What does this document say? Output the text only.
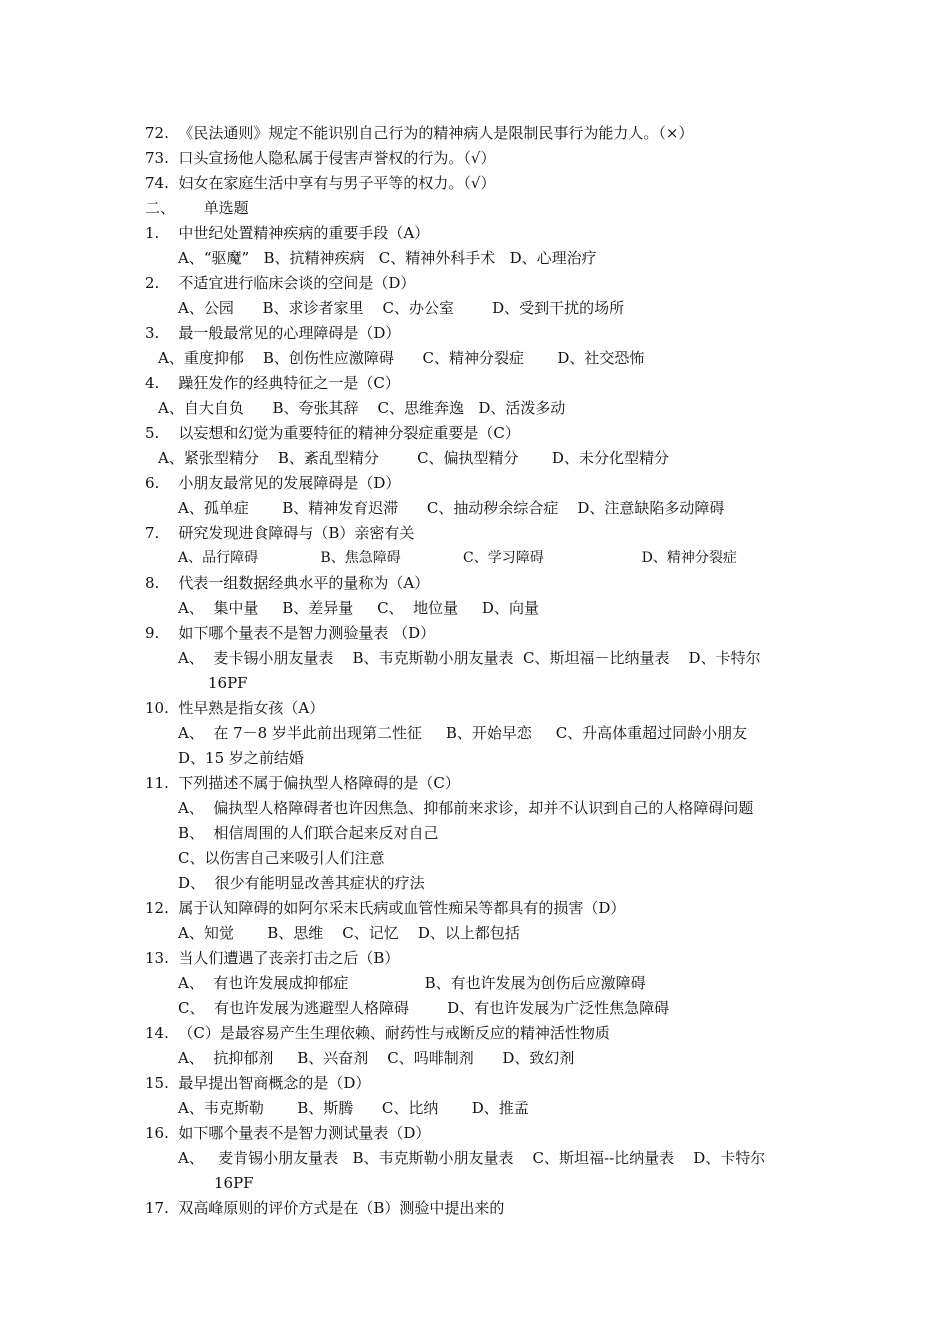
72.  《民法通则》规定不能识别自己行为的精神病人是限制民事行为能力人。（×）
73.  口头宣扬他人隐私属于侵害声誉权的行为。（√）
74.  妇女在家庭生活中享有与男子平等的权力。（√）
二、      单选题
1.    中世纪处置精神疾病的重要手段（A）
A、“驱魔”   B、抗精神疾病   C、精神外科手术   D、心理治疗
2.    不适宜进行临床会谈的空间是（D）
A、公园      B、求诊者家里    C、办公室        D、受到干扰的场所
3.    最一般最常见的心理障碍是（D）
A、重度抑郁    B、创伤性应激障碍      C、精神分裂症       D、社交恐怖
4.    躁狂发作的经典特征之一是（C）
A、自大自负      B、夸张其辞    C、思维奔逸   D、活泼多动
5.    以妄想和幻觉为重要特征的精神分裂症重要是（C）
A、紧张型精分    B、紊乱型精分        C、偏执型精分       D、未分化型精分
6.    小朋友最常见的发展障碍是（D）
A、孤单症       B、精神发育迟滞      C、抽动秽余综合症    D、注意缺陷多动障碍
7.    研究发现进食障碍与（B）亲密有关
A、品行障碍              B、焦急障碍              C、学习障碍                      D、精神分裂症
8.    代表一组数据经典水平的量称为（A）
A、  集中量     B、差异量     C、  地位量     D、向量
9.    如下哪个量表不是智力测验量表 （D）
A、  麦卡锡小朋友量表    B、韦克斯勒小朋友量表  C、斯坦福－比纳量表    D、卡特尔
16PF
10.  性早熟是指女孩（A）
A、  在 7－8 岁半此前出现第二性征     B、开始早恋     C、升高体重超过同龄小朋友
D、15 岁之前结婚
11.  下列描述不属于偏执型人格障碍的是（C）
A、  偏执型人格障碍者也许因焦急、抑郁前来求诊，却并不认识到自己的人格障碍问题
B、  相信周围的人们联合起来反对自己
C、以伤害自己来吸引人们注意
D、  很少有能明显改善其症状的疗法
12.  属于认知障碍的如阿尔采末氏病或血管性痴呆等都具有的损害（D）
A、知觉       B、思维    C、记忆    D、以上都包括
13.  当人们遭遇了丧亲打击之后（B）
A、  有也许发展成抑郁症                B、有也许发展为创伤后应激障碍
C、  有也许发展为逃避型人格障碍        D、有也许发展为广泛性焦急障碍
14.  （C）是最容易产生生理依赖、耐药性与戒断反应的精神活性物质
A、  抗抑郁剂     B、兴奋剂    C、吗啡制剂      D、致幻剂
15.  最早提出智商概念的是（D）
A、韦克斯勒       B、斯腾      C、比纳       D、推孟
16.  如下哪个量表不是智力测试量表（D）
A、   麦肯锡小朋友量表   B、韦克斯勒小朋友量表    C、斯坦福--比纳量表    D、卡特尔
16PF
17.  双高峰原则的评价方式是在（B）测验中提出来的
